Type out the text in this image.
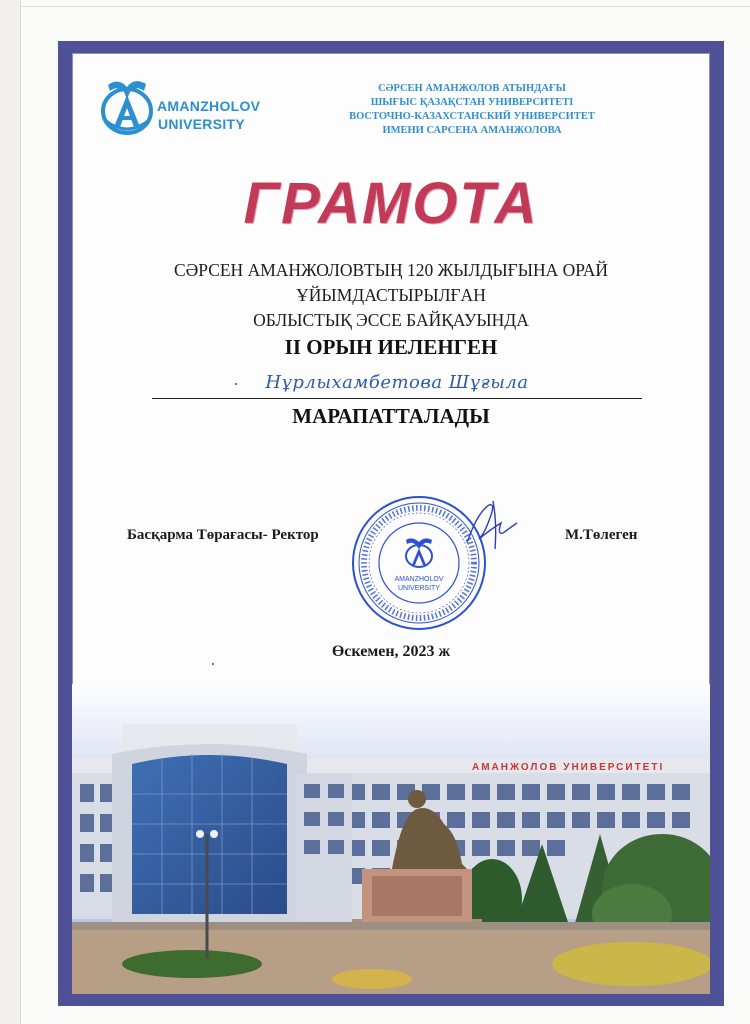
1952
AMANZHOLOV
UNIVERSITY
СӘРСЕН АМАНЖОЛОВ АТЫНДАҒЫ
ШЫҒЫС ҚАЗАҚСТАН УНИВЕРСИТЕТІ
ВОСТОЧНО-КАЗАХСТАНСКИЙ УНИВЕРСИТЕТ
ИМЕНИ САРСЕНА АМАНЖОЛОВА
ГРАМОТА
СӘРСЕН АМАНЖОЛОВТЫҢ 120 ЖЫЛДЫҒЫНА ОРАЙ
ҰЙЫМДАСТЫРЫЛҒАН
ОБЛЫСТЫҚ ЭССЕ БАЙҚАУЫНДА
II ОРЫН ИЕЛЕНГЕН
Нұрлыхамбетова Шұғыла
МАРАПАТТАЛАДЫ
Басқарма Төрағасы- Ректор	М.Төлеген
AMANZHOLOV
UNIVERSITY
Өскемен, 2023 ж
АМАНЖОЛОВ УНИВЕРСИТЕТІ
